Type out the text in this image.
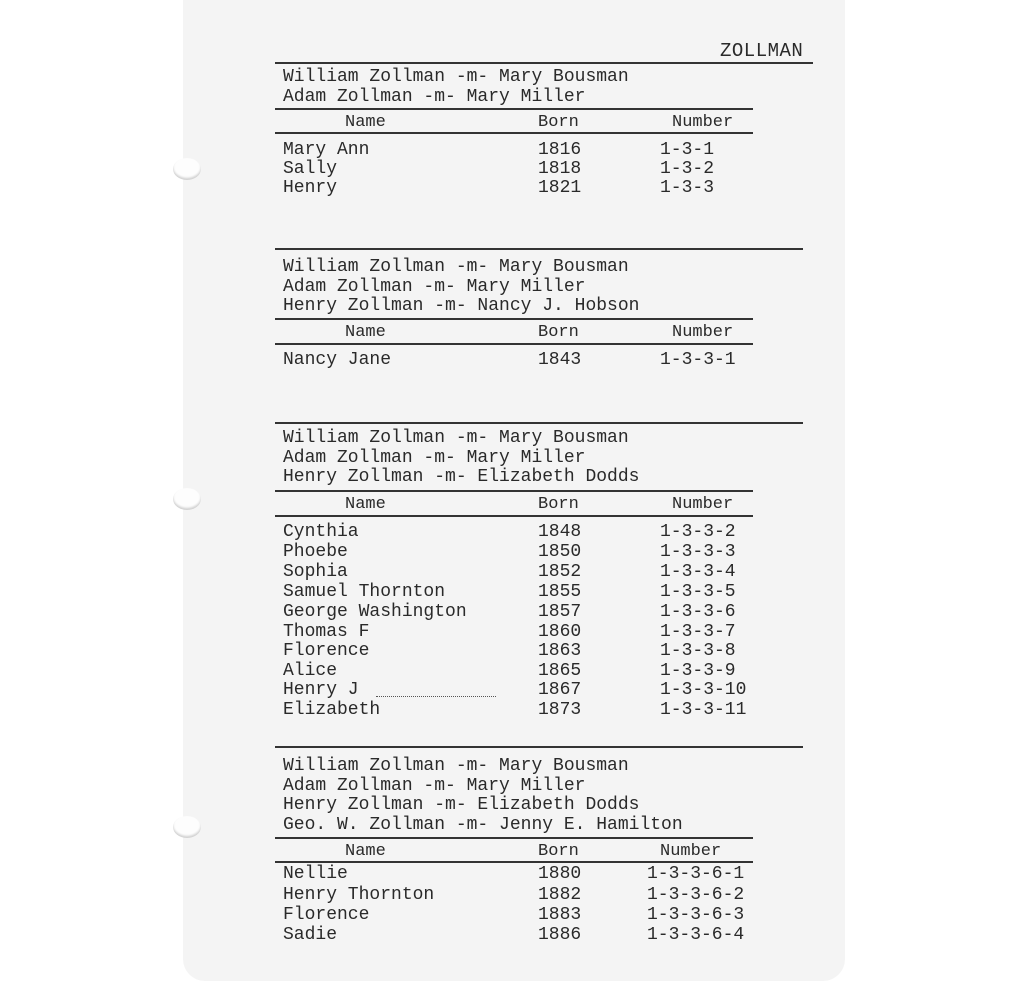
ZOLLMAN
William Zollman -m- Mary Bousman
Adam Zollman -m- Mary Miller
Name	Born	Number
Mary Ann	1816	1-3-1
Sally	1818	1-3-2
Henry	1821	1-3-3
William Zollman -m- Mary Bousman
Adam Zollman -m- Mary Miller
Henry Zollman -m- Nancy J. Hobson
Name	Born	Number
Nancy Jane	1843	1-3-3-1
William Zollman -m- Mary Bousman
Adam Zollman -m- Mary Miller
Henry Zollman -m- Elizabeth Dodds
Name	Born	Number
Cynthia	1848	1-3-3-2
Phoebe	1850	1-3-3-3
Sophia	1852	1-3-3-4
Samuel Thornton	1855	1-3-3-5
George Washington	1857	1-3-3-6
Thomas F	1860	1-3-3-7
Florence	1863	1-3-3-8
Alice	1865	1-3-3-9
Henry J	1867	1-3-3-10
Elizabeth	1873	1-3-3-11
William Zollman -m- Mary Bousman
Adam Zollman -m- Mary Miller
Henry Zollman -m- Elizabeth Dodds
Geo. W. Zollman -m- Jenny E. Hamilton
Name	Born	Number
Nellie	1880	1-3-3-6-1
Henry Thornton	1882	1-3-3-6-2
Florence	1883	1-3-3-6-3
Sadie	1886	1-3-3-6-4
